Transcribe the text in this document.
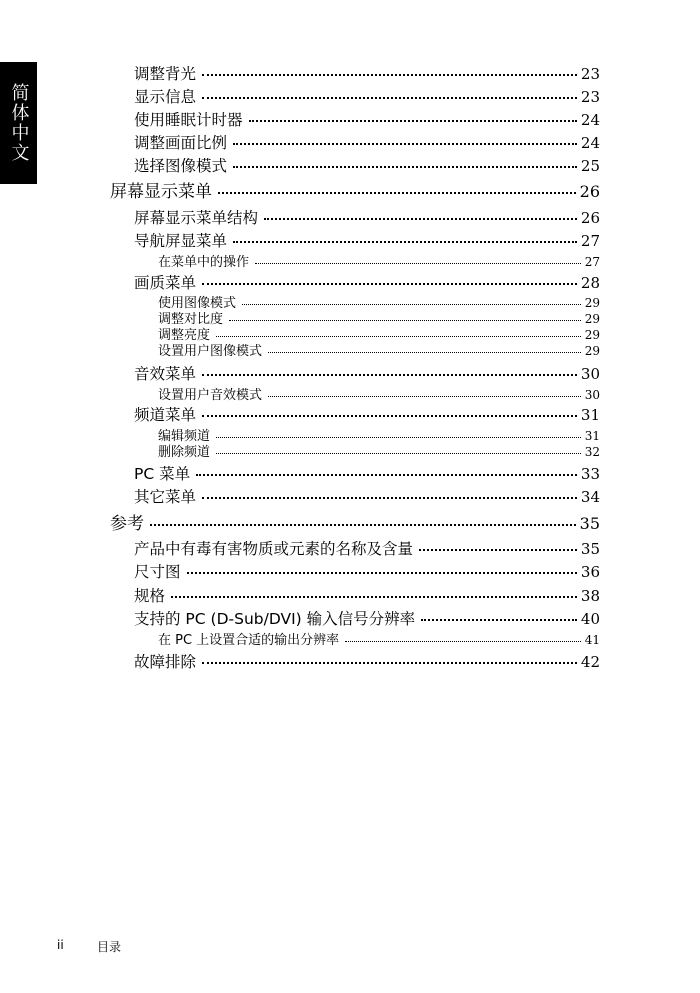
简体中文
调整背光	23
显示信息	23
使用睡眠计时器	24
调整画面比例	24
选择图像模式	25
屏幕显示菜单	26
屏幕显示菜单结构	26
导航屏显菜单	27
在菜单中的操作	27
画质菜单	28
使用图像模式	29
调整对比度	29
调整亮度	29
设置用户图像模式	29
音效菜单	30
设置用户音效模式	30
频道菜单	31
编辑频道	31
删除频道	32
PC 菜单	33
其它菜单	34
参考	35
产品中有毒有害物质或元素的名称及含量	35
尺寸图	36
规格	38
支持的 PC (D-Sub/DVI) 输入信号分辨率	40
在 PC 上设置合适的输出分辨率	41
故障排除	42
ii	目录
